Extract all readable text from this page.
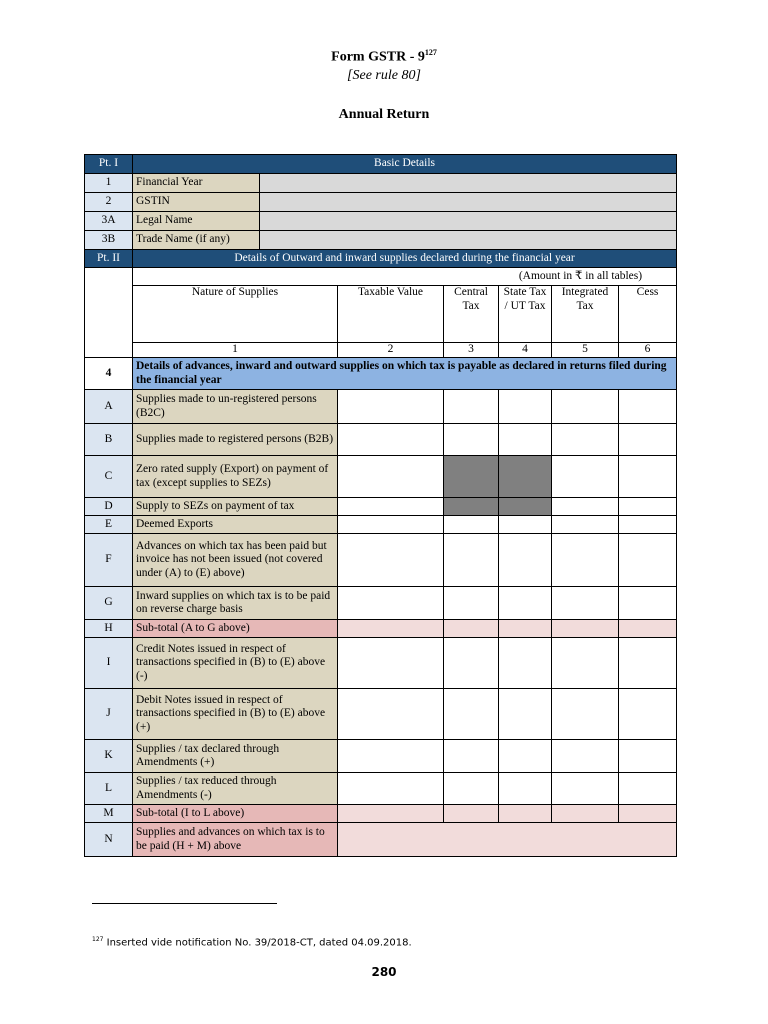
Form GSTR - $9^{127}$
[See rule 80]
Annual Return
Pt. I	Basic Details						
1	Financial Year						
2	GSTIN						
3A	Legal Name						
3B	Trade Name (if any)						
Pt. II	Details of Outward and inward supplies declared during the financial year						
	(Amount in ₹ in all tables)						
	Nature of Supplies		Taxable Value	Central Tax	State Tax / UT Tax	Integrated Tax	Cess
	1		2	3	4	5	6
4	Details of advances, inward and outward supplies on which tax is payable as declared in returns filed during the financial year						
A	Supplies made to un-registered persons (B2C)						
B	Supplies made to registered persons (B2B)						
C	Zero rated supply (Export) on payment of tax (except supplies to SEZs)						
D	Supply to SEZs on payment of tax						
E	Deemed Exports						
F	Advances on which tax has been paid but invoice has not been issued (not covered under (A) to (E) above)						
G	Inward supplies on which tax is to be paid on reverse charge basis						
H	Sub-total (A to G above)						
I	Credit Notes issued in respect of transactions specified in (B) to (E) above (-)						
J	Debit Notes issued in respect of transactions specified in (B) to (E) above (+)						
K	Supplies / tax declared through Amendments (+)						
L	Supplies / tax reduced through Amendments (-)						
M	Sub-total (I to L above)						
N	Supplies and advances on which tax is to be paid (H + M) above						
$^{127}$ Inserted vide notification No. 39/2018-CT, dated 04.09.2018.
280
